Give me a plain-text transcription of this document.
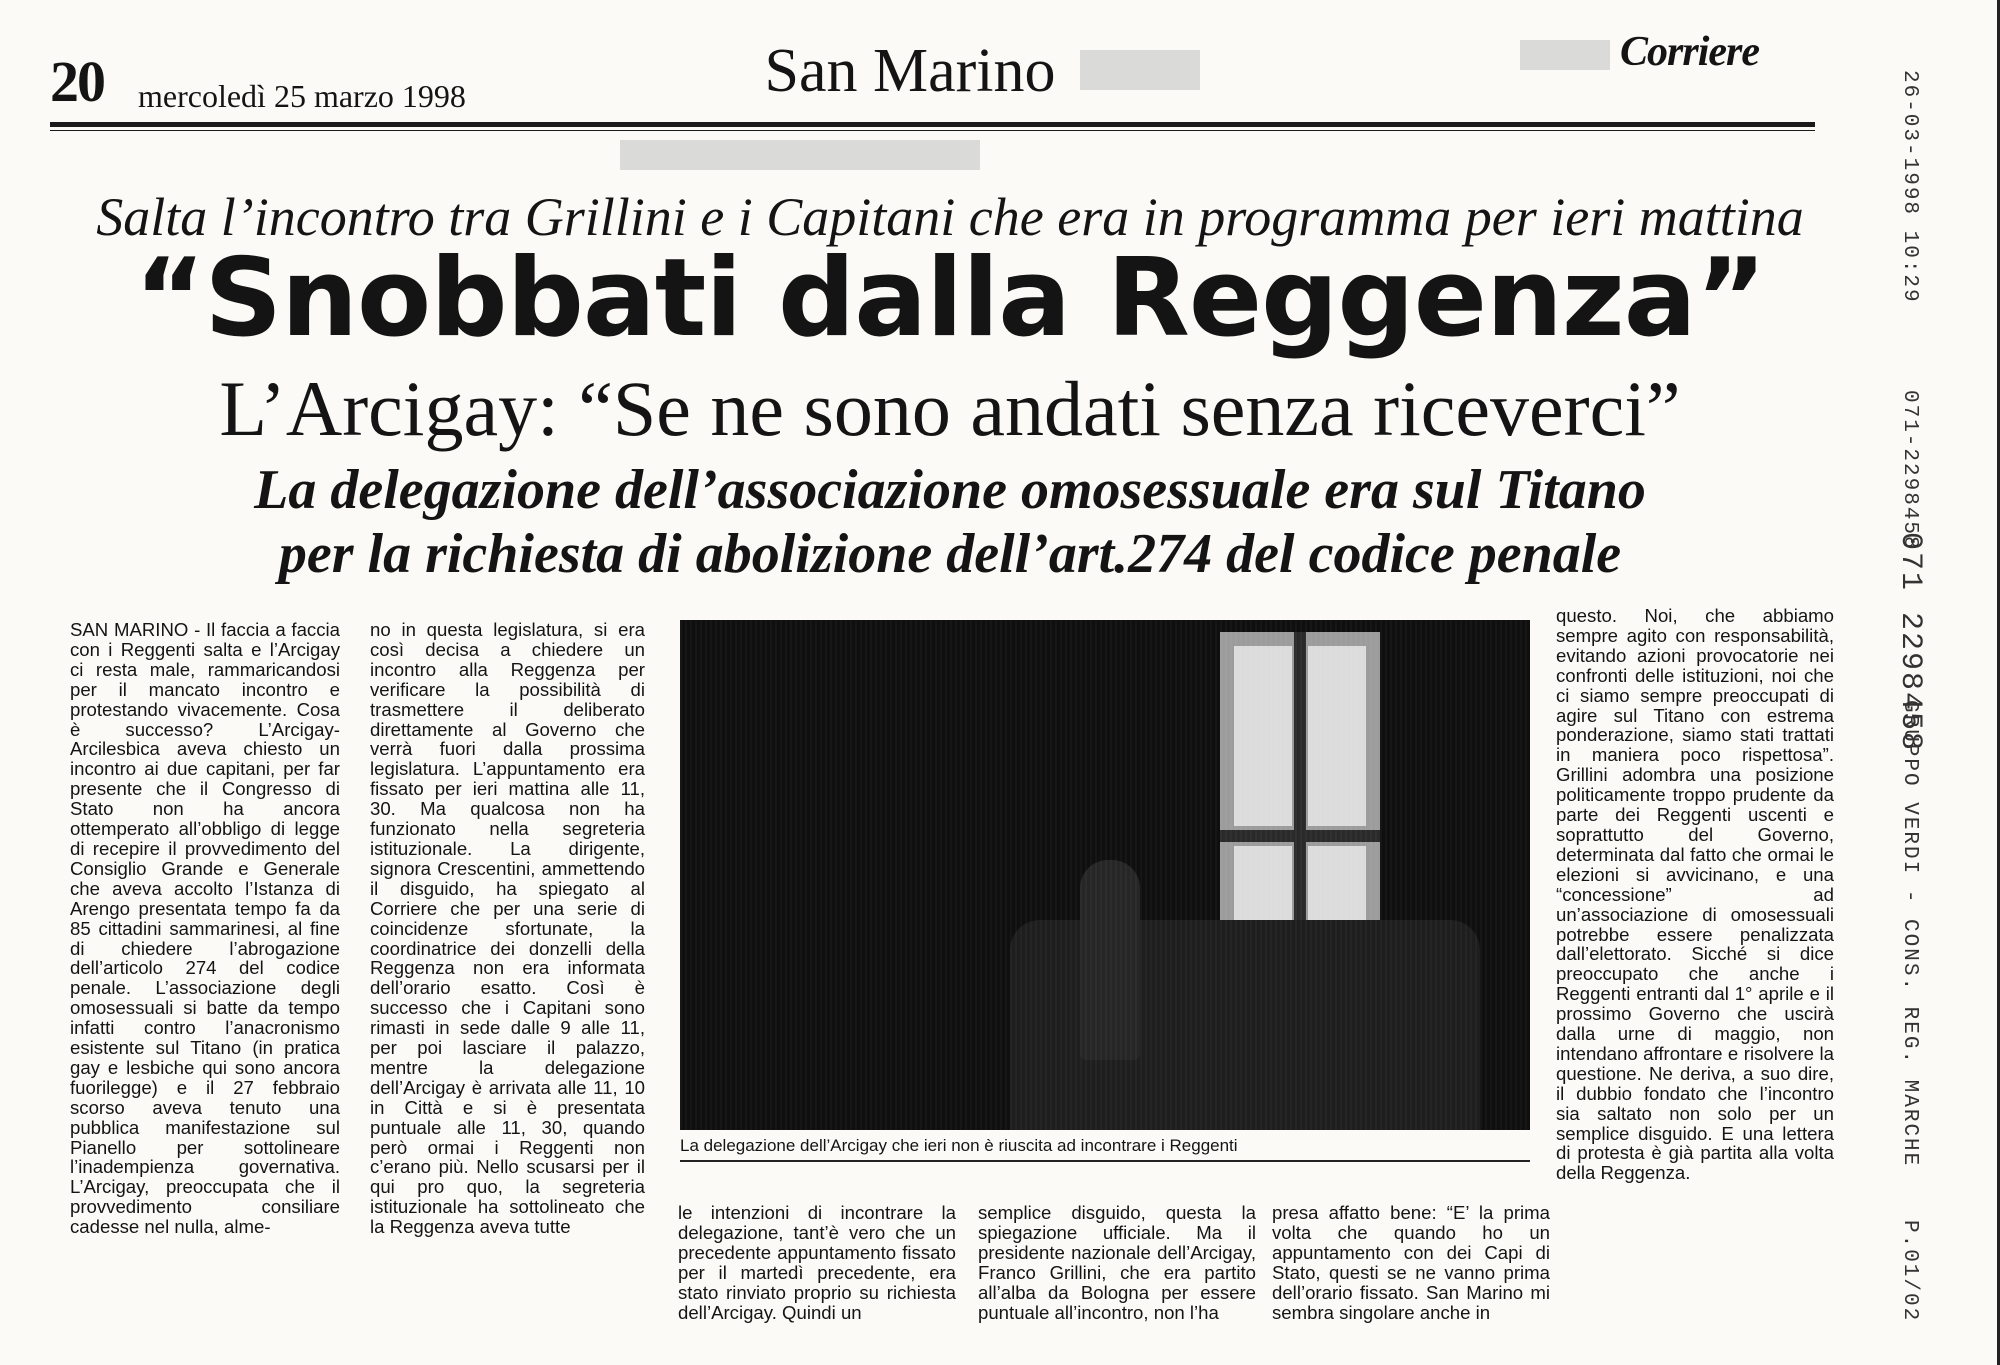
20 mercoledì 25 marzo 1998	San Marino	Corriere
26-03-1998 10:29
071-2298458
071 2298458
GRUPPO VERDI - CONS. REG. MARCHE
P.01/02
Salta l’incontro tra Grillini e i Capitani che era in programma per ieri mattina
“Snobbati dalla Reggenza”
L’Arcigay: “Se ne sono andati senza riceverci”
La delegazione dell’associazione omosessuale era sul Titano
per la richiesta di abolizione dell’art.274 del codice penale

SAN MARINO - Il faccia a faccia con i Reggenti salta e l’Arcigay ci resta male, rammaricandosi per il mancato incontro e protestando vivacemente. Cosa è successo? L’Arcigay-Arcilesbica aveva chiesto un incontro ai due capitani, per far presente che il Congresso di Stato non ha ancora ottemperato all’obbligo di legge di recepire il provvedimento del Consiglio Grande e Generale che aveva accolto l’Istanza di Arengo presentata tempo fa da 85 cittadini sammarinesi, al fine di chiedere l’abrogazione dell’articolo 274 del codice penale. L’associazione degli omosessuali si batte da tempo infatti contro l’anacronismo esistente sul Titano (in pratica gay e lesbiche qui sono ancora fuorilegge) e il 27 febbraio scorso aveva tenuto una pubblica manifestazione sul Pianello per sottolineare l’inadempienza governativa. L’Arcigay, preoccupata che il provvedimento consiliare cadesse nel nulla, alme-

no in questa legislatura, si era così decisa a chiedere un incontro alla Reggenza per verificare la possibilità di trasmettere il deliberato direttamente al Governo che verrà fuori dalla prossima legislatura. L’appuntamento era fissato per ieri mattina alle 11, 30. Ma qualcosa non ha funzionato nella segreteria istituzionale. La dirigente, signora Crescentini, ammettendo il disguido, ha spiegato al Corriere che per una serie di coincidenze sfortunate, la coordinatrice dei donzelli della Reggenza non era informata dell’orario esatto. Così è successo che i Capitani sono rimasti in sede dalle 9 alle 11, per poi lasciare il palazzo, mentre la delegazione dell’Arcigay è arrivata alle 11, 10 in Città e si è presentata puntuale alle 11, 30, quando però ormai i Reggenti non c’erano più. Nello scusarsi per il qui pro quo, la segreteria istituzionale ha sottolineato che la Reggenza aveva tutte

le intenzioni di incontrare la delegazione, tant’è vero che un precedente appuntamento fissato per il martedì precedente, era stato rinviato proprio su richiesta dell’Arcigay. Quindi un

semplice disguido, questa la spiegazione ufficiale. Ma il presidente nazionale dell’Arcigay, Franco Grillini, che era partito all’alba da Bologna per essere puntuale all’incontro, non l’ha

presa affatto bene: “E’ la prima volta che quando ho un appuntamento con dei Capi di Stato, questi se ne vanno prima dell’orario fissato. San Marino mi sembra singolare anche in

questo. Noi, che abbiamo sempre agito con responsabilità, evitando azioni provocatorie nei confronti delle istituzioni, noi che ci siamo sempre preoccupati di agire sul Titano con estrema ponderazione, siamo stati trattati in maniera poco rispettosa”. Grillini adombra una posizione politicamente troppo prudente da parte dei Reggenti uscenti e soprattutto del Governo, determinata dal fatto che ormai le elezioni si avvicinano, e una “concessione” ad un’associazione di omosessuali potrebbe essere penalizzata dall’elettorato. Sicché si dice preoccupato che anche i Reggenti entranti dal 1° aprile e il prossimo Governo che uscirà dalla urne di maggio, non intendano affrontare e risolvere la questione. Ne deriva, a suo dire, il dubbio fondato che l’incontro sia saltato non solo per un semplice disguido. E una lettera di protesta è già partita alla volta della Reggenza.

La delegazione dell’Arcigay che ieri non è riuscita ad incontrare i Reggenti
